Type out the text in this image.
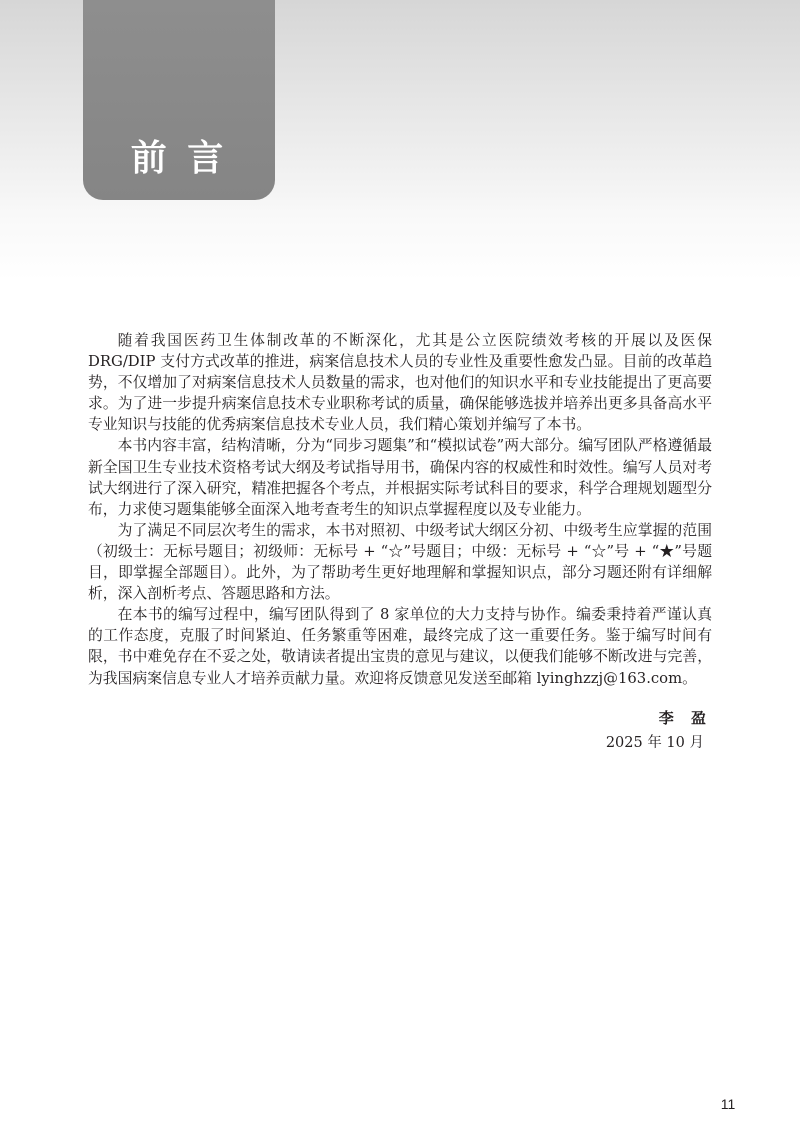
前 言

随着我国医药卫生体制改革的不断深化，尤其是公立医院绩效考核的开展以及医保 DRG/DIP 支付方式改革的推进，病案信息技术人员的专业性及重要性愈发凸显。目前的改革趋势，不仅增加了对病案信息技术人员数量的需求，也对他们的知识水平和专业技能提出了更高要求。为了进一步提升病案信息技术专业职称考试的质量，确保能够选拔并培养出更多具备高水平专业知识与技能的优秀病案信息技术专业人员，我们精心策划并编写了本书。

本书内容丰富，结构清晰，分为“同步习题集”和“模拟试卷”两大部分。编写团队严格遵循最新全国卫生专业技术资格考试大纲及考试指导用书，确保内容的权威性和时效性。编写人员对考试大纲进行了深入研究，精准把握各个考点，并根据实际考试科目的要求，科学合理规划题型分布，力求使习题集能够全面深入地考查考生的知识点掌握程度以及专业能力。

为了满足不同层次考生的需求，本书对照初、中级考试大纲区分初、中级考生应掌握的范围（初级士：无标号题目；初级师：无标号 + “☆”号题目；中级：无标号 + “☆”号 + “★”号题目，即掌握全部题目）。此外，为了帮助考生更好地理解和掌握知识点，部分习题还附有详细解析，深入剖析考点、答题思路和方法。

在本书的编写过程中，编写团队得到了 8 家单位的大力支持与协作。编委秉持着严谨认真的工作态度，克服了时间紧迫、任务繁重等困难，最终完成了这一重要任务。鉴于编写时间有限，书中难免存在不妥之处，敬请读者提出宝贵的意见与建议，以便我们能够不断改进与完善，为我国病案信息专业人才培养贡献力量。欢迎将反馈意见发送至邮箱 lyinghzzj@163.com。

李 盈
2025 年 10 月
11
